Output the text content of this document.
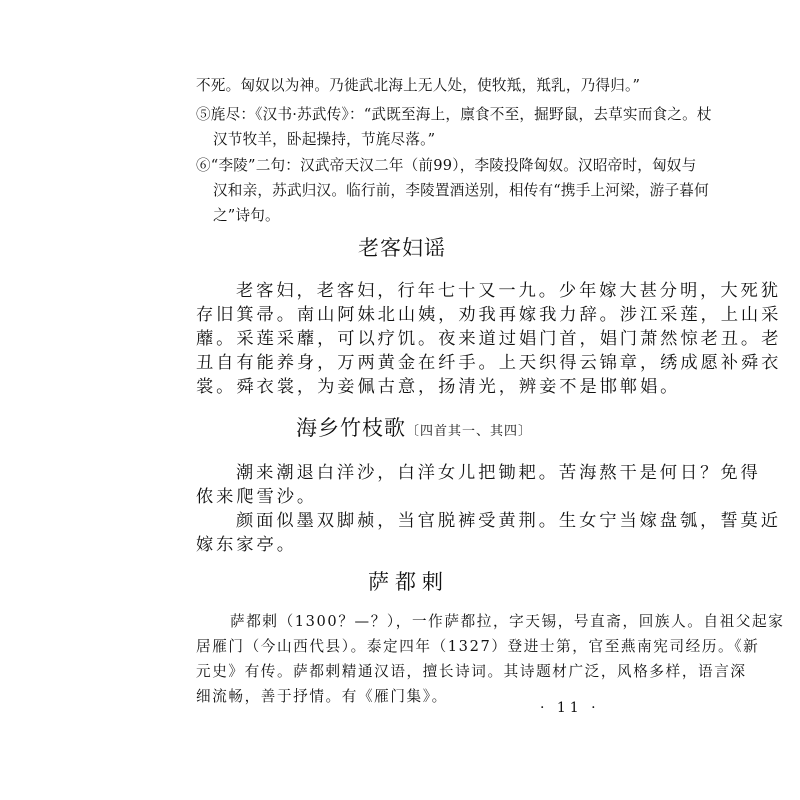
不死。匈奴以为神。乃徙武北海上无人处，使牧羝，羝乳，乃得归。”
⑤旄尽：《汉书·苏武传》：“武既至海上，廪食不至，掘野鼠，去草实而食之。杖
汉节牧羊，卧起操持，节旄尽落。”
⑥“李陵”二句：汉武帝天汉二年（前99），李陵投降匈奴。汉昭帝时，匈奴与
汉和亲，苏武归汉。临行前，李陵置酒送别，相传有“携手上河梁，游子暮何
之”诗句。
老客妇谣
老客妇，老客妇，行年七十又一九。少年嫁大甚分明，大死犹
存旧箕帚。南山阿妹北山姨，劝我再嫁我力辞。涉江采莲，上山采
蘼。采莲采蘼，可以疗饥。夜来道过娼门首，娼门萧然惊老丑。老
丑自有能养身，万两黄金在纤手。上天织得云锦章，绣成愿补舜衣
裳。舜衣裳，为妾佩古意，扬清光，辨妾不是邯郸娼。
海乡竹枝歌〔四首其一、其四〕
潮来潮退白洋沙，白洋女儿把锄耙。苦海熬干是何日？免得
侬来爬雪沙。
颜面似墨双脚赪，当官脱裤受黄荆。生女宁当嫁盘瓠，誓莫近
嫁东家亭。
萨都剌
萨都剌（1300？—？），一作萨都拉，字天锡，号直斋，回族人。自祖父起家
居雁门（今山西代县）。泰定四年（1327）登进士第，官至燕南宪司经历。《新
元史》有传。萨都剌精通汉语，擅长诗词。其诗题材广泛，风格多样，语言深
细流畅，善于抒情。有《雁门集》。
· 11 ·
